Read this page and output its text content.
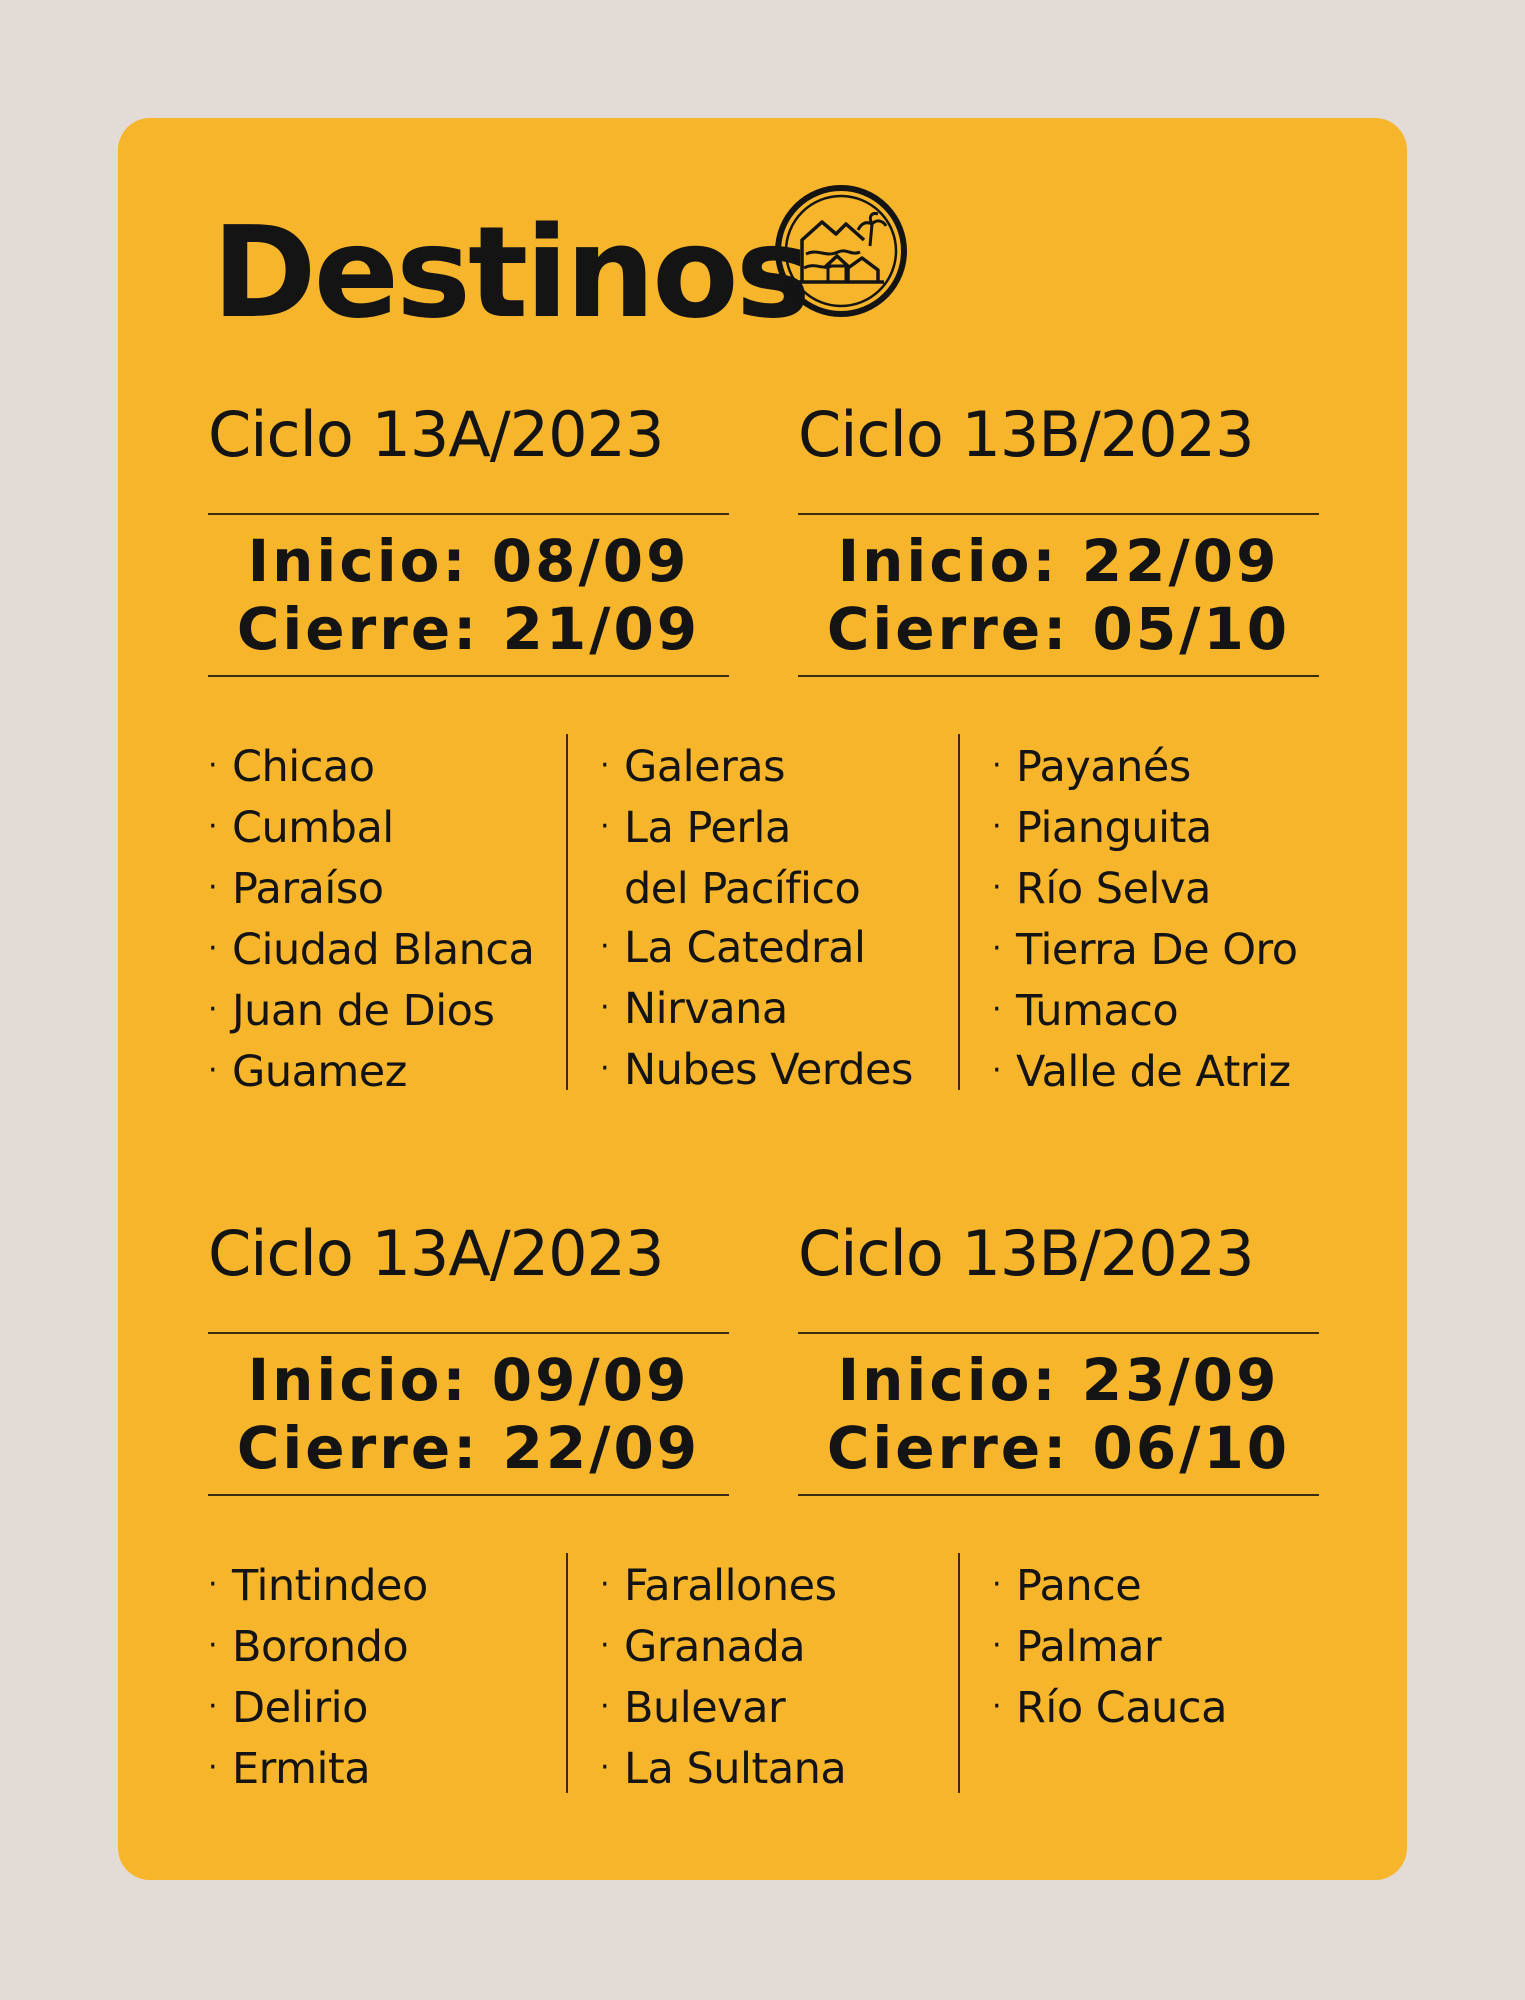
Destinos
Ciclo 13A/2023 Ciclo 13B/2023
Inicio: 08/09
Cierre: 21/09
Inicio: 22/09
Cierre: 05/10
· Chicao
· Cumbal
· Paraíso
· Ciudad Blanca
· Juan de Dios
· Guamez
· Galeras
· La Perla
del Pacífico
· La Catedral
· Nirvana
· Nubes Verdes
· Payanés
· Pianguita
· Río Selva
· Tierra De Oro
· Tumaco
· Valle de Atriz
Ciclo 13A/2023 Ciclo 13B/2023
Inicio: 09/09
Cierre: 22/09
Inicio: 23/09
Cierre: 06/10
· Tintindeo
· Borondo
· Delirio
· Ermita
· Farallones
· Granada
· Bulevar
· La Sultana
· Pance
· Palmar
· Río Cauca
